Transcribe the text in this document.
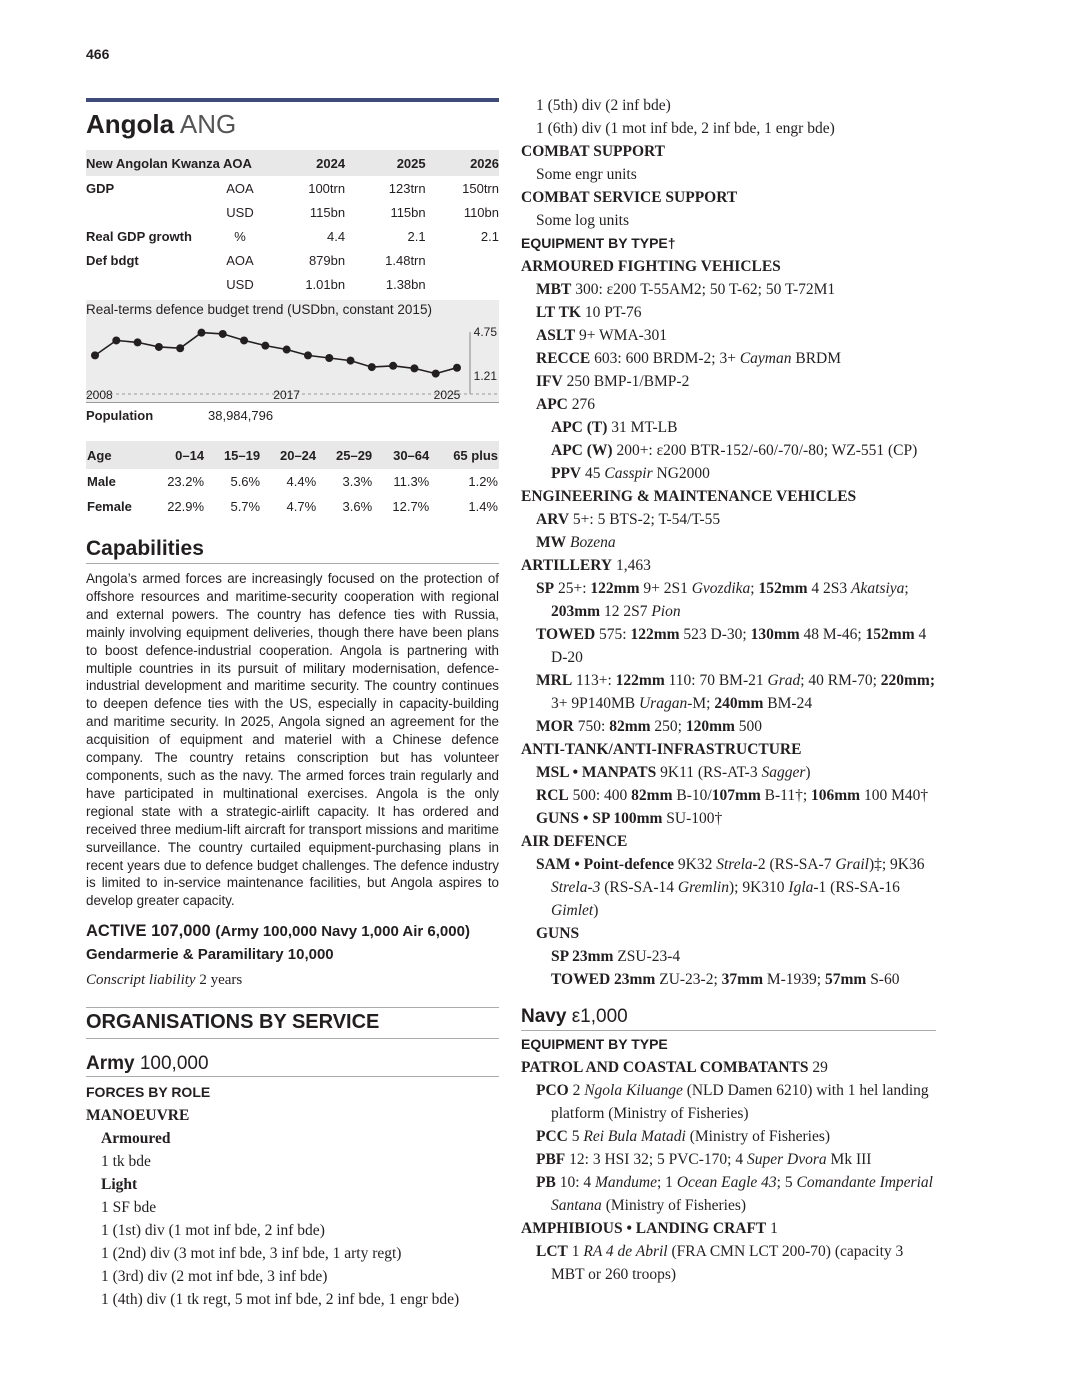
466
Angola ANG
New Angolan Kwanza AOA		2024	2025	2026
GDP	AOA	100trn	123trn	150trn
	USD	115bn	115bn	110bn
Real GDP growth	%	4.4	2.1	2.1
Def bdgt	AOA	879bn	1.48trn	
	USD	1.01bn	1.38bn	
Real-terms defence budget trend (USDbn, constant 2015)
4.75
1.21
2008	2017	2025
Population	38,984,796
Age	0–14	15–19	20–24	25–29	30–64	65 plus
Male	23.2%	5.6%	4.4%	3.3%	11.3%	1.2%
Female	22.9%	5.7%	4.7%	3.6%	12.7%	1.4%
Capabilities
Angola’s armed forces are increasingly focused on the protection of offshore resources and maritime-security cooperation with regional and external powers. The country has defence ties with Russia, mainly involving equipment deliveries, though there have been plans to boost defence-industrial cooperation. Angola is partnering with multiple countries in its pursuit of military modernisation, defence-industrial development and maritime security. The country continues to deepen defence ties with the US, especially in capacity-building and maritime security. In 2025, Angola signed an agreement for the acquisition of equipment and materiel with a Chinese defence company. The country retains conscription but has volunteer components, such as the navy. The armed forces train regularly and have participated in multinational exercises. Angola is the only regional state with a strategic-airlift capacity. It has ordered and received three medium-lift aircraft for transport missions and maritime surveillance. The country curtailed equipment-purchasing plans in recent years due to defence budget challenges. The defence industry is limited to in-service maintenance facilities, but Angola aspires to develop greater capacity.
ACTIVE 107,000 (Army 100,000 Navy 1,000 Air 6,000) Gendarmerie & Paramilitary 10,000
Conscript liability 2 years
ORGANISATIONS BY SERVICE
Army 100,000
FORCES BY ROLE
MANOEUVRE
Armoured
1 tk bde
Light
1 SF bde
1 (1st) div (1 mot inf bde, 2 inf bde)
1 (2nd) div (3 mot inf bde, 3 inf bde, 1 arty regt)
1 (3rd) div (2 mot inf bde, 3 inf bde)
1 (4th) div (1 tk regt, 5 mot inf bde, 2 inf bde, 1 engr bde)
1 (5th) div (2 inf bde)
1 (6th) div (1 mot inf bde, 2 inf bde, 1 engr bde)
COMBAT SUPPORT
Some engr units
COMBAT SERVICE SUPPORT
Some log units
EQUIPMENT BY TYPE†
ARMOURED FIGHTING VEHICLES
MBT 300: ε200 T-55AM2; 50 T-62; 50 T-72M1
LT TK 10 PT-76
ASLT 9+ WMA-301
RECCE 603: 600 BRDM-2; 3+ Cayman BRDM
IFV 250 BMP-1/BMP-2
APC 276
APC (T) 31 MT-LB
APC (W) 200+: ε200 BTR-152/-60/-70/-80; WZ-551 (CP)
PPV 45 Casspir NG2000
ENGINEERING & MAINTENANCE VEHICLES
ARV 5+: 5 BTS-2; T-54/T-55
MW Bozena
ARTILLERY 1,463
SP 25+: 122mm 9+ 2S1 Gvozdika; 152mm 4 2S3 Akatsiya; 203mm 12 2S7 Pion
TOWED 575: 122mm 523 D-30; 130mm 48 M-46; 152mm 4 D-20
MRL 113+: 122mm 110: 70 BM-21 Grad; 40 RM-70; 220mm; 3+ 9P140MB Uragan-M; 240mm BM-24
MOR 750: 82mm 250; 120mm 500
ANTI-TANK/ANTI-INFRASTRUCTURE
MSL • MANPATS 9K11 (RS-AT-3 Sagger)
RCL 500: 400 82mm B-10/107mm B-11†; 106mm 100 M40†
GUNS • SP 100mm SU-100†
AIR DEFENCE
SAM • Point-defence 9K32 Strela-2 (RS-SA-7 Grail)‡; 9K36 Strela-3 (RS-SA-14 Gremlin); 9K310 Igla-1 (RS-SA-16 Gimlet)
GUNS
SP 23mm ZSU-23-4
TOWED 23mm ZU-23-2; 37mm M-1939; 57mm S-60
Navy ε1,000
EQUIPMENT BY TYPE
PATROL AND COASTAL COMBATANTS 29
PCO 2 Ngola Kiluange (NLD Damen 6210) with 1 hel landing platform (Ministry of Fisheries)
PCC 5 Rei Bula Matadi (Ministry of Fisheries)
PBF 12: 3 HSI 32; 5 PVC-170; 4 Super Dvora Mk III
PB 10: 4 Mandume; 1 Ocean Eagle 43; 5 Comandante Imperial Santana (Ministry of Fisheries)
AMPHIBIOUS • LANDING CRAFT 1
LCT 1 RA 4 de Abril (FRA CMN LCT 200-70) (capacity 3 MBT or 260 troops)
